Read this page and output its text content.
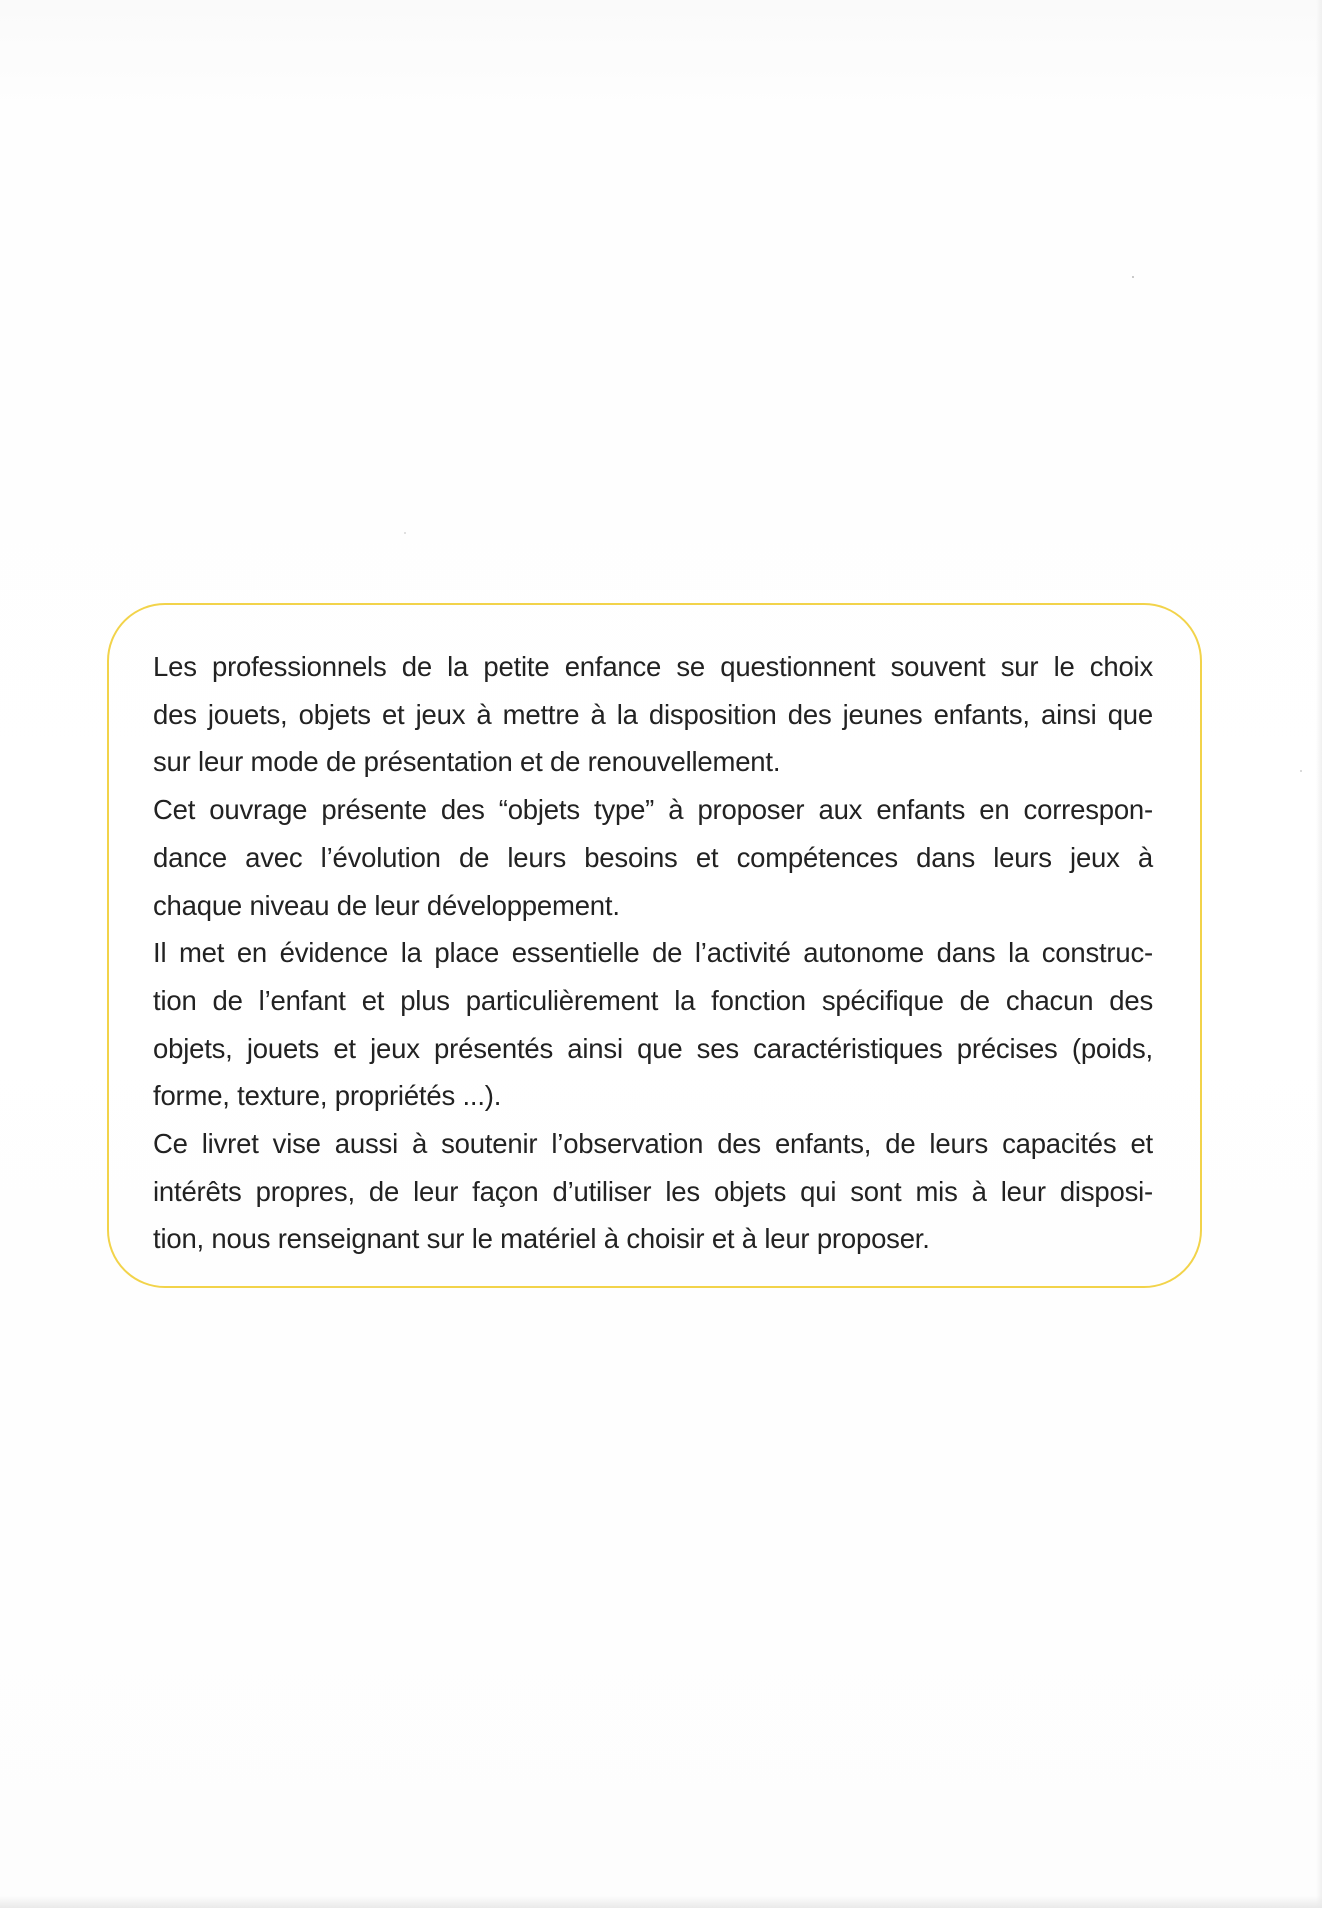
Les professionnels de la petite enfance se questionnent souvent sur le choix
des jouets, objets et jeux à mettre à la disposition des jeunes enfants, ainsi que
sur leur mode de présentation et de renouvellement.

Cet ouvrage présente des “objets type” à proposer aux enfants en correspon-
dance avec l’évolution de leurs besoins et compétences dans leurs jeux à
chaque niveau de leur développement.

Il met en évidence la place essentielle de l’activité autonome dans la construc-
tion de l’enfant et plus particulièrement la fonction spécifique de chacun des
objets, jouets et jeux présentés ainsi que ses caractéristiques précises (poids,
forme, texture, propriétés ...).

Ce livret vise aussi à soutenir l’observation des enfants, de leurs capacités et
intérêts propres, de leur façon d’utiliser les objets qui sont mis à leur disposi-
tion, nous renseignant sur le matériel à choisir et à leur proposer.
